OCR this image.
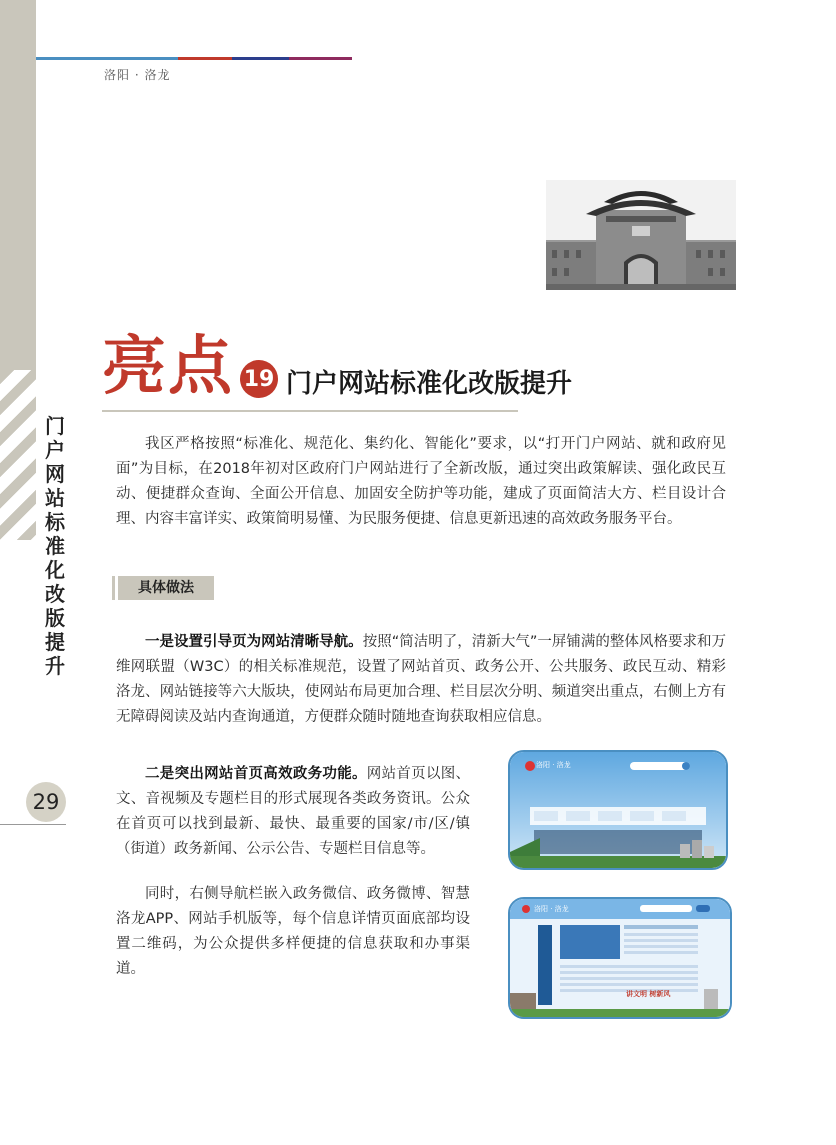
洛阳 · 洛龙
门
户
网
站
标
准
化
改
版
提
升
29
亮点 19 门户网站标准化改版提升
我区严格按照“标准化、规范化、集约化、智能化”要求，以“打开门户网站、就和政府见面”为目标，在2018年初对区政府门户网站进行了全新改版，通过突出政策解读、强化政民互动、便捷群众查询、全面公开信息、加固安全防护等功能，建成了页面简洁大方、栏目设计合理、内容丰富详实、政策简明易懂、为民服务便捷、信息更新迅速的高效政务服务平台。
具体做法
一是设置引导页为网站清晰导航。按照“简洁明了，清新大气”一屏铺满的整体风格要求和万维网联盟（W3C）的相关标准规范，设置了网站首页、政务公开、公共服务、政民互动、精彩洛龙、网站链接等六大版块，使网站布局更加合理、栏目层次分明、频道突出重点，右侧上方有无障碍阅读及站内查询通道，方便群众随时随地查询获取相应信息。
二是突出网站首页高效政务功能。网站首页以图、文、音视频及专题栏目的形式展现各类政务资讯。公众在首页可以找到最新、最快、最重要的国家/市/区/镇（街道）政务新闻、公示公告、专题栏目信息等。
同时，右侧导航栏嵌入政务微信、政务微博、智慧洛龙APP、网站手机版等，每个信息详情页面底部均设置二维码，为公众提供多样便捷的信息获取和办事渠道。
洛阳 · 洛龙
洛阳 · 洛龙
讲文明 树新风
